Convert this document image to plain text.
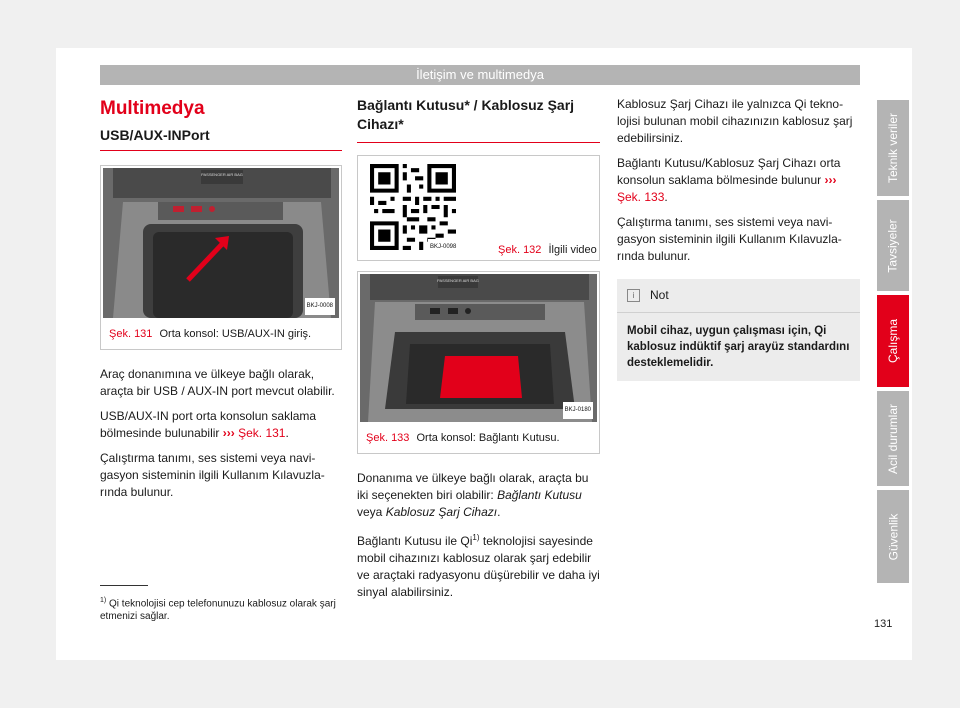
İletişim ve multimedya
Teknik veriler
Tavsiyeler
Çalışma
Acil durumlar
Güvenlik
Multimedya
USB/AUX-INPort
PASSENGER AIR BAG
BKJ-0008
Şek. 131 Orta konsol: USB/AUX-IN giriş.

Araç donanımına ve ülkeye bağlı olarak, araçta bir USB / AUX-IN port mevcut olabilir.

USB/AUX-IN port orta konsolun saklama bölmesinde bulunabilir ››› Şek. 131.

Çalıştırma tanımı, ses sistemi veya navigasyon sisteminin ilgili Kullanım Kılavuzlarında bulunur.

Bağlantı Kutusu* / Kablosuz Şarj Cihazı*
BKJ-0098	Şek. 132 İlgili video
PASSENGER AIR BAG
BKJ-0180
Şek. 133 Orta konsol: Bağlantı Kutusu.

Donanıma ve ülkeye bağlı olarak, araçta bu iki seçenekten biri olabilir: Bağlantı Kutusu veya Kablosuz Şarj Cihazı.

Bağlantı Kutusu ile Qi$^{1)}$ teknolojisi sayesinde mobil cihazınızı kablosuz olarak şarj edebilir ve araçtaki radyasyonu düşürebilir ve daha iyi sinyal alabilirsiniz.

Kablosuz Şarj Cihazı ile yalnızca Qi teknolojisi bulunan mobil cihazınızın kablosuz şarj edebilirsiniz.

Bağlantı Kutusu/Kablosuz Şarj Cihazı orta konsolun saklama bölmesinde bulunur ››› Şek. 133.

Çalıştırma tanımı, ses sistemi veya navigasyon sisteminin ilgili Kullanım Kılavuzlarında bulunur.

i	Not
Mobil cihaz, uygun çalışması için, Qi kablosuz indüktif şarj arayüz standardını desteklemelidir.
$^{1)}$ Qi teknolojisi cep telefonunuzu kablosuz olarak şarj etmenizi sağlar.
131
